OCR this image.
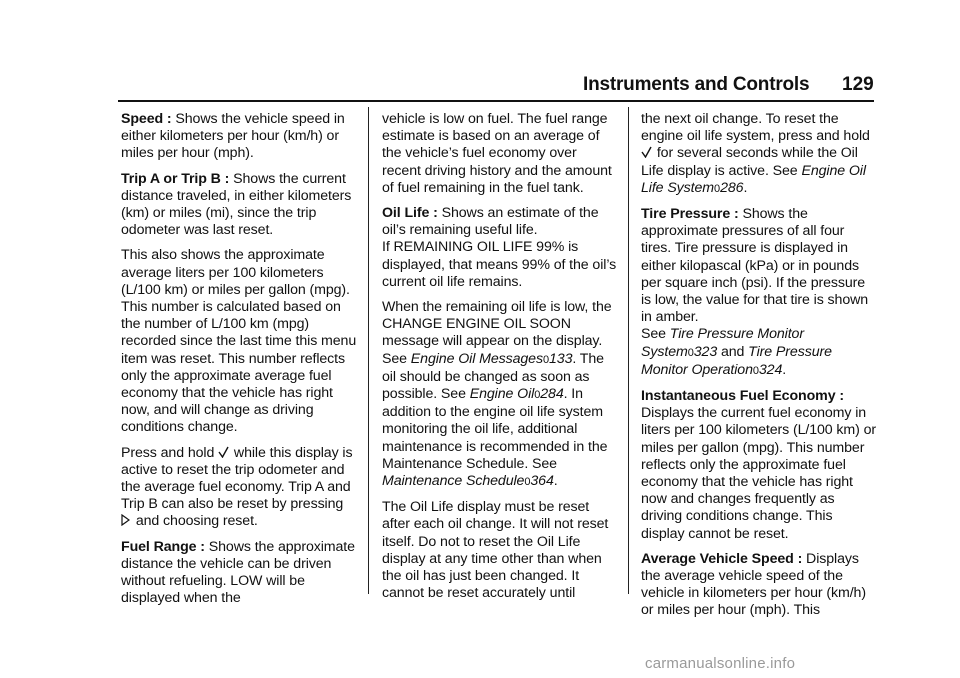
Instruments and Controls 129

Speed : Shows the vehicle speed in either kilometers per hour (km/h) or miles per hour (mph).

Trip A or Trip B : Shows the current distance traveled, in either kilometers (km) or miles (mi), since the trip odometer was last reset.

This also shows the approximate average liters per 100 kilometers (L/100 km) or miles per gallon (mpg). This number is calculated based on the number of L/100 km (mpg) recorded since the last time this menu item was reset. This number reflects only the approximate average fuel economy that the vehicle has right now, and will change as driving conditions change.

Press and hold  while this display is active to reset the trip odometer and the average fuel economy. Trip A and Trip B can also be reset by pressing  and choosing reset.

Fuel Range : Shows the approximate distance the vehicle can be driven without refueling. LOW will be displayed when the

vehicle is low on fuel. The fuel range estimate is based on an average of the vehicle’s fuel economy over recent driving history and the amount of fuel remaining in the fuel tank.

Oil Life : Shows an estimate of the oil’s remaining useful life.

If REMAINING OIL LIFE 99% is displayed, that means 99% of the oil’s current oil life remains.

When the remaining oil life is low, the CHANGE ENGINE OIL SOON message will appear on the display. See Engine Oil Messages0133. The oil should be changed as soon as possible. See Engine Oil0284. In addition to the engine oil life system monitoring the oil life, additional maintenance is recommended in the Maintenance Schedule. See Maintenance Schedule0364.

The Oil Life display must be reset after each oil change. It will not reset itself. Do not to reset the Oil Life display at any time other than when the oil has just been changed. It cannot be reset accurately until

the next oil change. To reset the engine oil life system, press and hold  for several seconds while the Oil Life display is active. See Engine Oil Life System0286.

Tire Pressure : Shows the approximate pressures of all four tires. Tire pressure is displayed in either kilopascal (kPa) or in pounds per square inch (psi). If the pressure is low, the value for that tire is shown in amber.
See Tire Pressure Monitor System0323 and Tire Pressure Monitor Operation0324.

Instantaneous Fuel Economy :
Displays the current fuel economy in liters per 100 kilometers (L/100 km) or miles per gallon (mpg). This number reflects only the approximate fuel economy that the vehicle has right now and changes frequently as driving conditions change. This display cannot be reset.

Average Vehicle Speed : Displays the average vehicle speed of the vehicle in kilometers per hour (km/h) or miles per hour (mph). This

carmanualsonline.info
